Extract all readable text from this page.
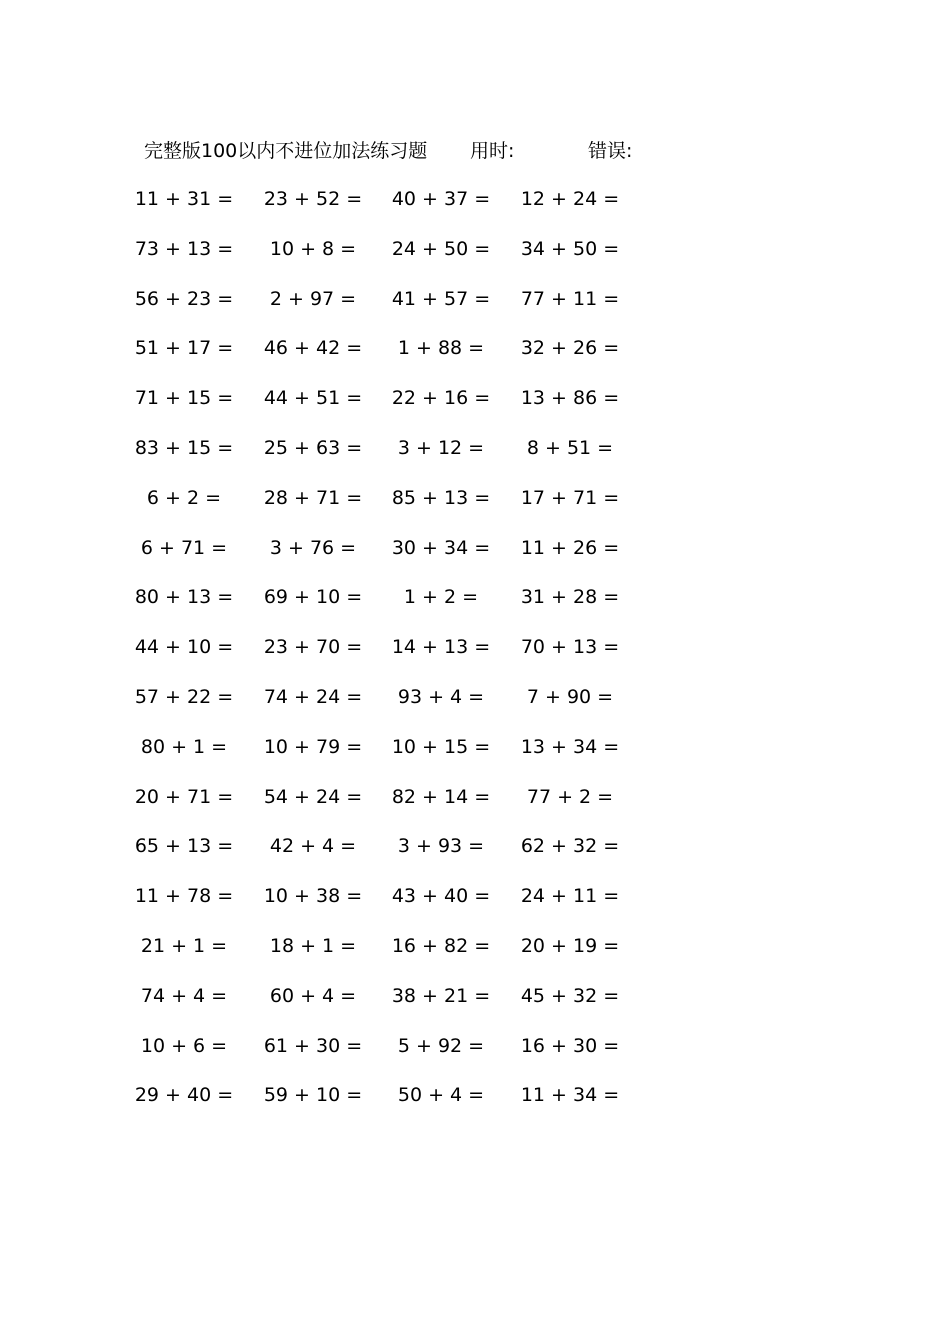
完整版100以内不进位加法练习题 用时:	错误:
11 + 31 =	23 + 52 =	40 + 37 =	12 + 24 =
73 + 13 =	10 + 8 =	24 + 50 =	34 + 50 =
56 + 23 =	2 + 97 =	41 + 57 =	77 + 11 =
51 + 17 =	46 + 42 =	1 + 88 =	32 + 26 =
71 + 15 =	44 + 51 =	22 + 16 =	13 + 86 =
83 + 15 =	25 + 63 =	3 + 12 =	8 + 51 =
6 + 2 =	28 + 71 =	85 + 13 =	17 + 71 =
6 + 71 =	3 + 76 =	30 + 34 =	11 + 26 =
80 + 13 =	69 + 10 =	1 + 2 =	31 + 28 =
44 + 10 =	23 + 70 =	14 + 13 =	70 + 13 =
57 + 22 =	74 + 24 =	93 + 4 =	7 + 90 =
80 + 1 =	10 + 79 =	10 + 15 =	13 + 34 =
20 + 71 =	54 + 24 =	82 + 14 =	77 + 2 =
65 + 13 =	42 + 4 =	3 + 93 =	62 + 32 =
11 + 78 =	10 + 38 =	43 + 40 =	24 + 11 =
21 + 1 =	18 + 1 =	16 + 82 =	20 + 19 =
74 + 4 =	60 + 4 =	38 + 21 =	45 + 32 =
10 + 6 =	61 + 30 =	5 + 92 =	16 + 30 =
29 + 40 =	59 + 10 =	50 + 4 =	11 + 34 =
